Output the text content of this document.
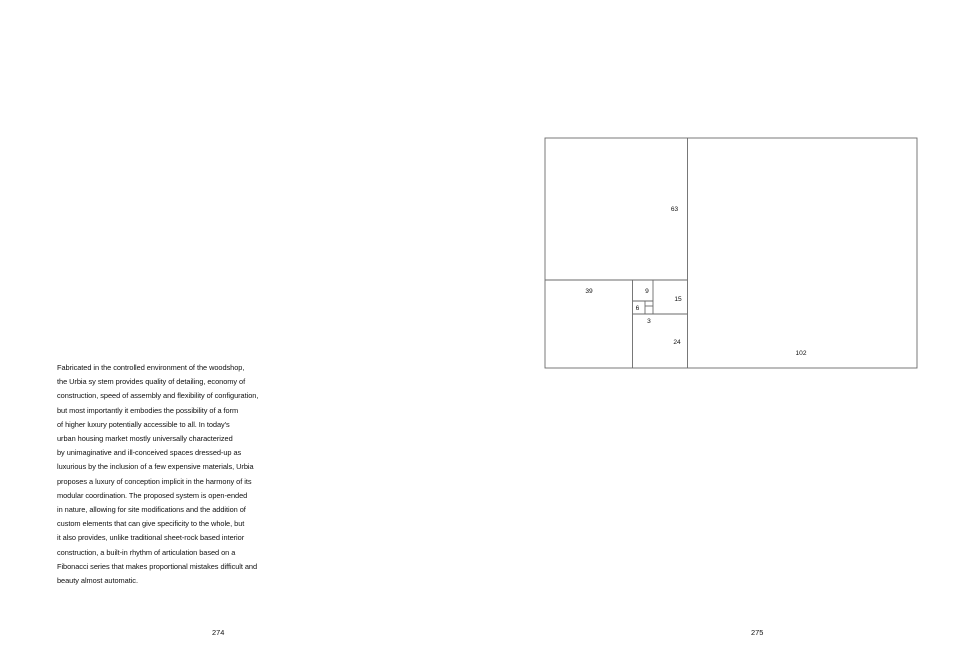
Fabricated in the controlled environment of the woodshop,
the Urbia sy stem provides quality of detailing, economy of
construction, speed of assembly and flexibility of configuration,
but most importantly it embodies the possibility of a form
of higher luxury potentially accessible to all. In today's
urban housing market mostly universally characterized
by unimaginative and ill-conceived spaces dressed-up as
luxurious by the inclusion of a few expensive materials, Urbia
proposes a luxury of conception implicit in the harmony of its
modular coordination. The proposed system is open-ended
in nature, allowing for site modifications and the addition of
custom elements that can give specificity to the whole, but
it also provides, unlike traditional sheet-rock based interior
construction, a built-in rhythm of articulation based on a
Fibonacci series that makes proportional mistakes difficult and
beauty almost automatic.

274
102
63
39
24
15
9
6
3
275
